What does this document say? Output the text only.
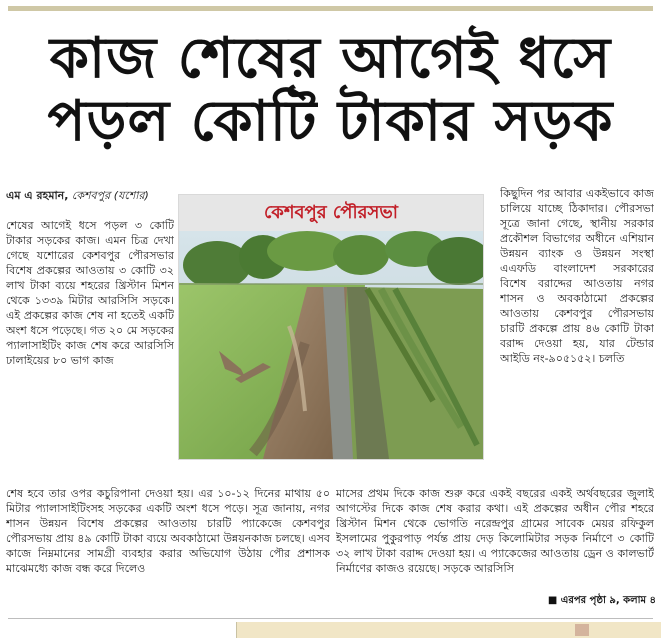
কাজ শেষের আগেই ধসে
পড়ল কোটি টাকার সড়ক
এম এ রহমান, কেশবপুর (যশোর)
শেষের আগেই ধসে পড়ল ৩ কোটি টাকার সড়কের কাজ। এমন চিত্র দেখা গেছে যশোরের কেশবপুর পৌরসভার বিশেষ প্রকল্পের আওতায় ৩ কোটি ৩২ লাখ টাকা ব্যয়ে শহরের খ্রিস্টান মিশন থেকে ১৩৩৯ মিটার আরসিসি সড়কে। এই প্রকল্পের কাজ শেষ না হতেই একটি অংশ ধসে পড়েছে। গত ২০ মে সড়কের প্যালাসাইটিং কাজ শেষ করে আরসিসি ঢালাইয়ের ৮০ ভাগ কাজ
কেশবপুর পৌরসভা
কিছুদিন পর আবার একইভাবে কাজ চালিয়ে যাচ্ছে ঠিকাদার। পৌরসভা সূত্রে জানা গেছে, স্থানীয় সরকার প্রকৌশল বিভাগের অধীনে এশিয়ান উন্নয়ন ব্যাংক ও উন্নয়ন সংস্থা এএফডি বাংলাদেশ সরকারের বিশেষ বরাদ্দের আওতায় নগর শাসন ও অবকাঠামো প্রকল্পের আওতায় কেশবপুর পৌরসভায় চারটি প্রকল্পে প্রায় ৪৬ কোটি টাকা বরাদ্দ দেওয়া হয়, যার টেন্ডার আইডি নং-৯০৫১৫২। চলতি
শেষ হবে তার ওপর কচুরিপানা দেওয়া হয়। এর ১০-১২ দিনের মাথায় ৫০ মিটার প্যালাসাইটিংসহ সড়কের একটি অংশ ধসে পড়ে। সূত্র জানায়, নগর শাসন উন্নয়ন বিশেষ প্রকল্পের আওতায় চারটি প্যাকেজে কেশবপুর পৌরসভায় প্রায় ৪৯ কোটি টাকা ব্যয়ে অবকাঠামো উন্নয়নকাজ চলছে। এসব কাজে নিম্নমানের সামগ্রী ব্যবহার করার অভিযোগ উঠায় পৌর প্রশাসক মাঝেমধ্যে কাজ বন্ধ করে দিলেও
মাসের প্রথম দিকে কাজ শুরু করে একই বছরের একই অর্থবছরের জুলাই আগস্টের দিকে কাজ শেষ করার কথা। এই প্রকল্পের অধীন পৌর শহরে খ্রিস্টান মিশন থেকে ভোগতি নরেন্দ্রপুর গ্রামের সাবেক মেয়র রফিকুল ইসলামের পুকুরপাড় পর্যন্ত প্রায় দেড় কিলোমিটার সড়ক নির্মাণে ৩ কোটি ৩২ লাখ টাকা বরাদ্দ দেওয়া হয়। এ প্যাকেজের আওতায় ড্রেন ও কালভার্ট নির্মাণের কাজও রয়েছে। সড়কে আরসিসি
■ এরপর পৃষ্ঠা ৯, কলাম ৪
